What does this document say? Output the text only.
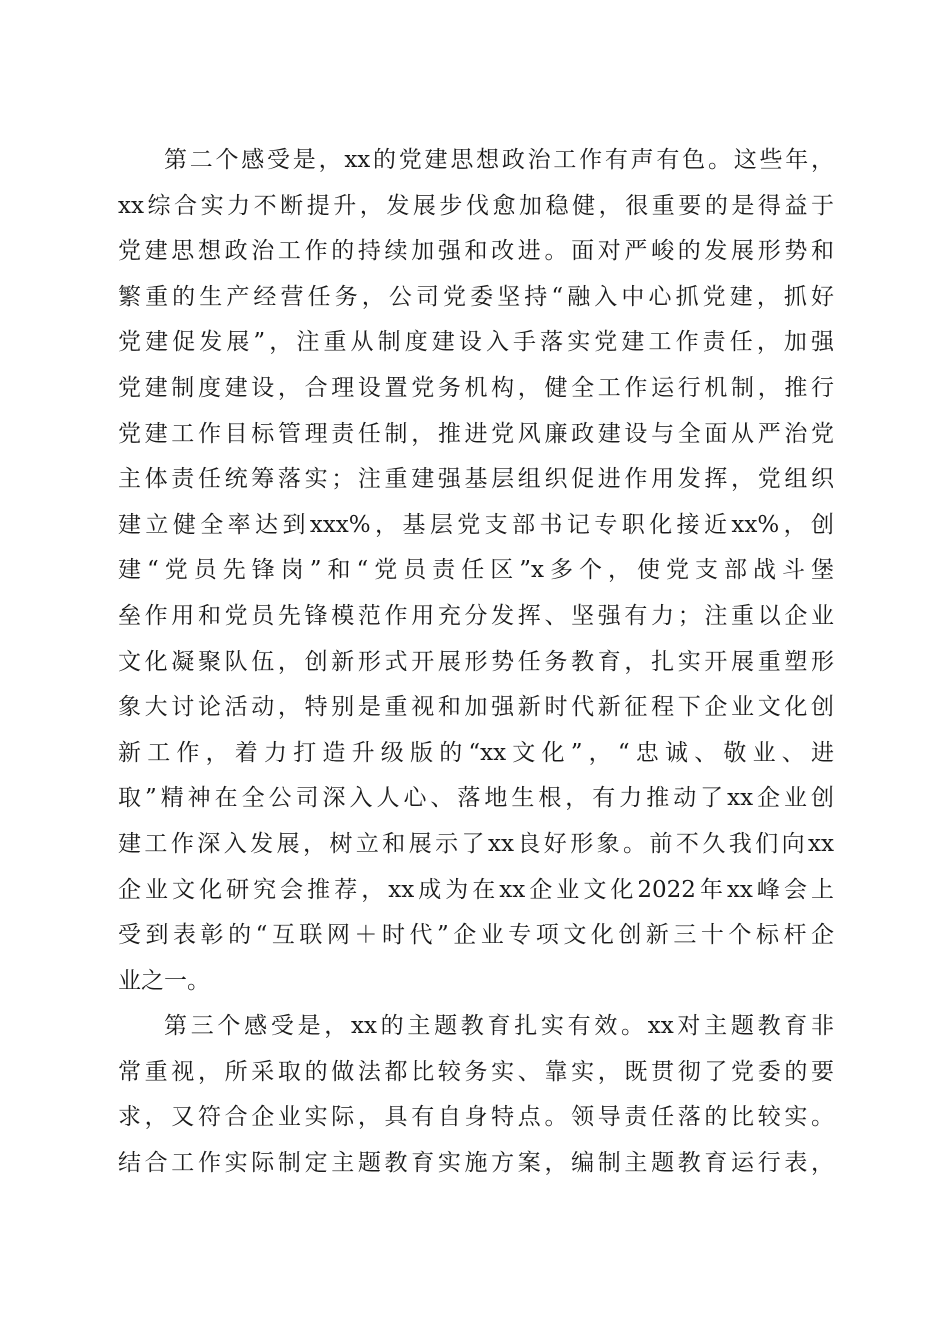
第二个感受是，xx的党建思想政治工作有声有色。这些年，
xx综合实力不断提升，发展步伐愈加稳健，很重要的是得益于
党建思想政治工作的持续加强和改进。面对严峻的发展形势和
繁重的生产经营任务，公司党委坚持“融入中心抓党建，抓好
党建促发展”，注重从制度建设入手落实党建工作责任，加强
党建制度建设，合理设置党务机构，健全工作运行机制，推行
党建工作目标管理责任制，推进党风廉政建设与全面从严治党
主体责任统筹落实；注重建强基层组织促进作用发挥，党组织
建立健全率达到xxx%，基层党支部书记专职化接近xx%，创
建“党员先锋岗”和“党员责任区”x多个，使党支部战斗堡
垒作用和党员先锋模范作用充分发挥、坚强有力；注重以企业
文化凝聚队伍，创新形式开展形势任务教育，扎实开展重塑形
象大讨论活动，特别是重视和加强新时代新征程下企业文化创
新工作，着力打造升级版的“xx文化”，“忠诚、敬业、进
取”精神在全公司深入人心、落地生根，有力推动了xx企业创
建工作深入发展，树立和展示了xx良好形象。前不久我们向xx
企业文化研究会推荐，xx成为在xx企业文化2022年xx峰会上
受到表彰的“互联网＋时代”企业专项文化创新三十个标杆企
业之一。
第三个感受是，xx的主题教育扎实有效。xx对主题教育非
常重视，所采取的做法都比较务实、靠实，既贯彻了党委的要
求，又符合企业实际，具有自身特点。领导责任落的比较实。
结合工作实际制定主题教育实施方案，编制主题教育运行表，
